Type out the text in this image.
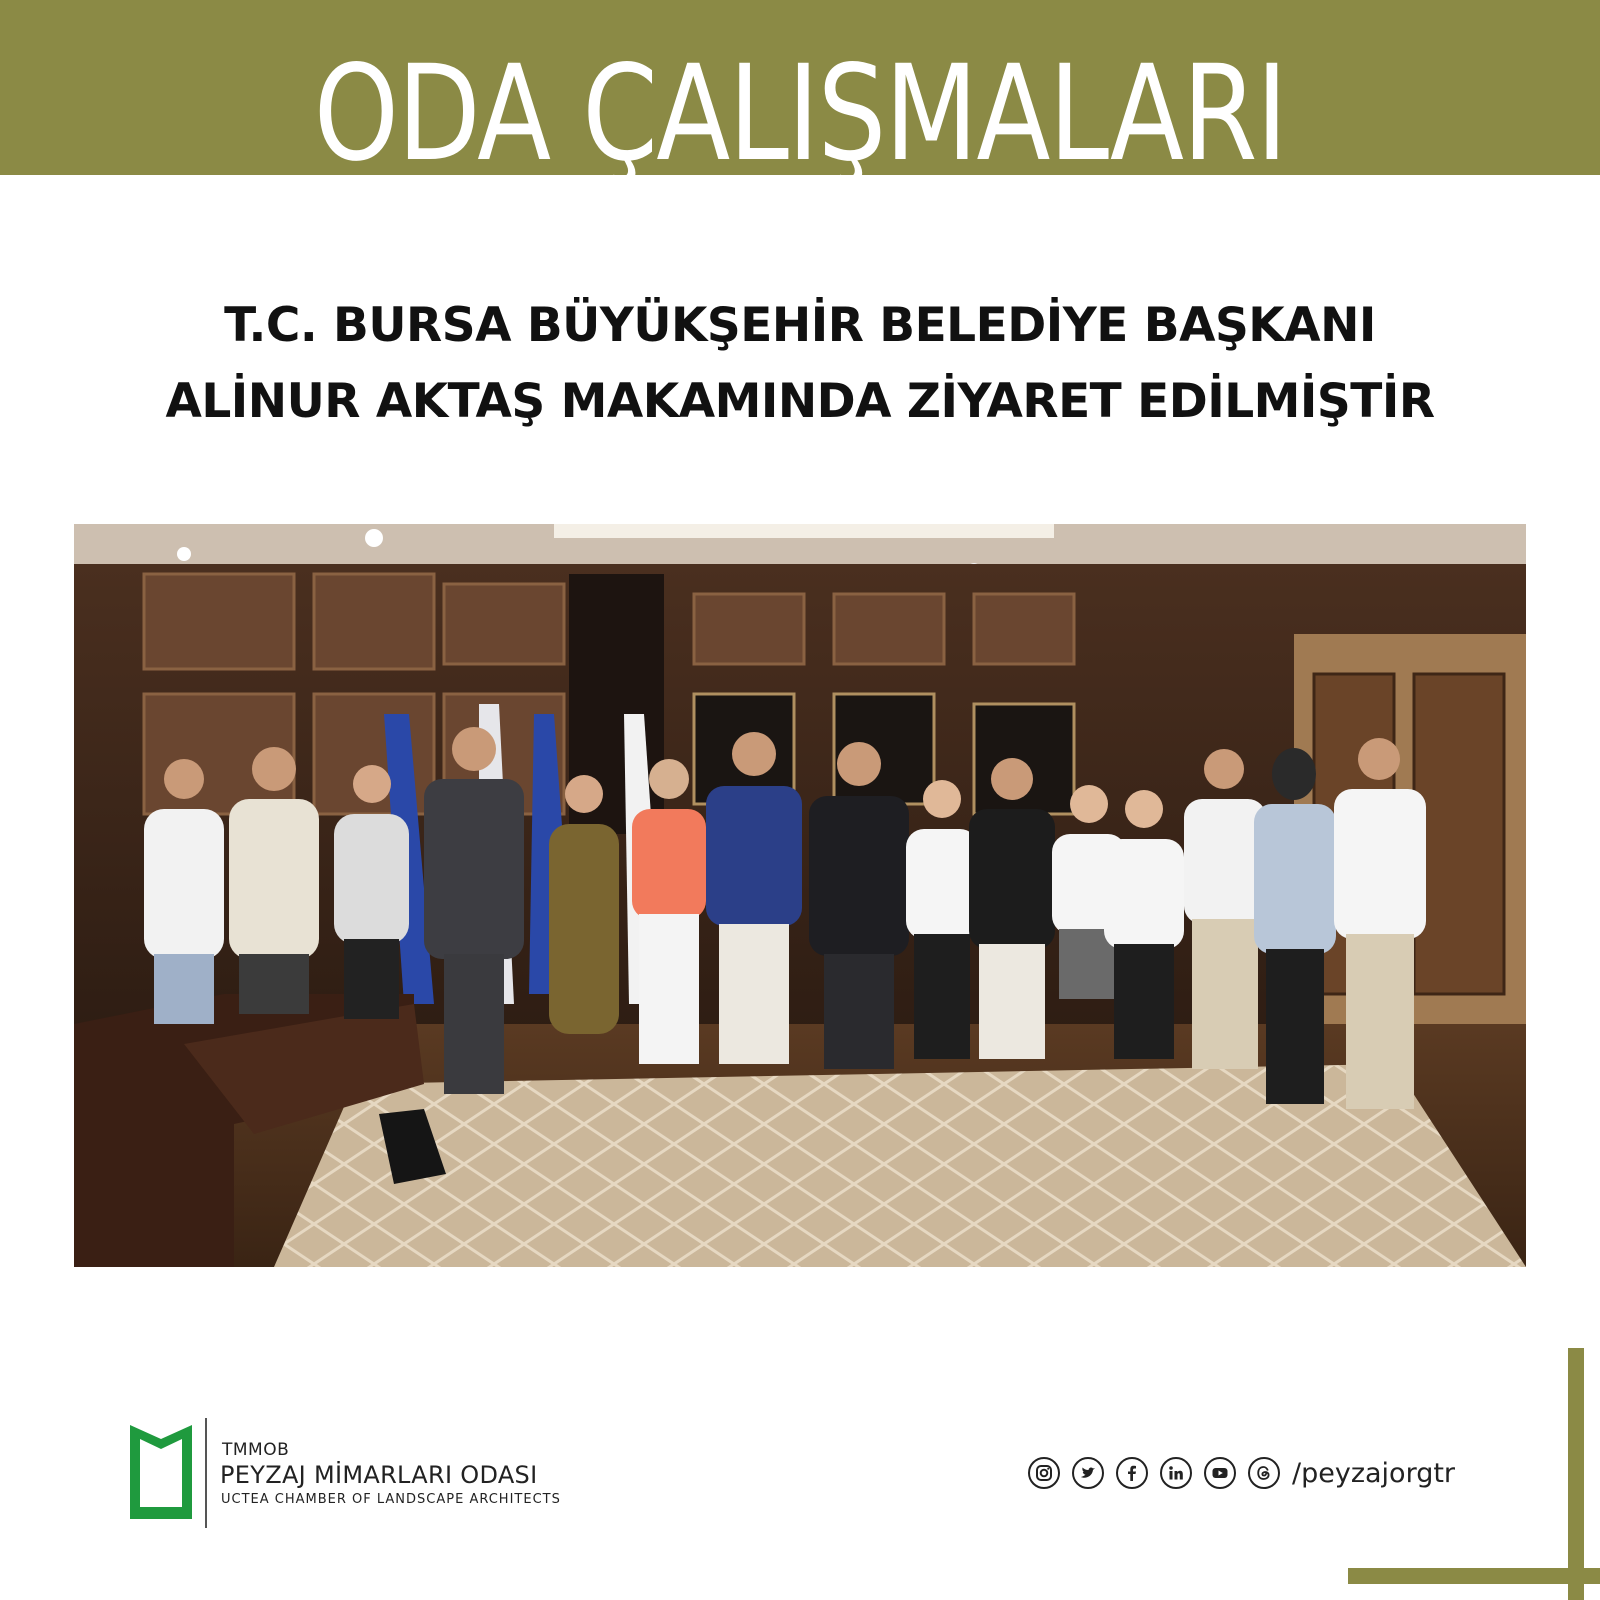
ODA ÇALIŞMALARI
T.C. BURSA BÜYÜKŞEHİR BELEDİYE BAŞKANI
ALİNUR AKTAŞ MAKAMINDA ZİYARET EDİLMİŞTİR
TMMOB
PEYZAJ MİMARLARI ODASI
UCTEA CHAMBER OF LANDSCAPE ARCHITECTS
/peyzajorgtr
